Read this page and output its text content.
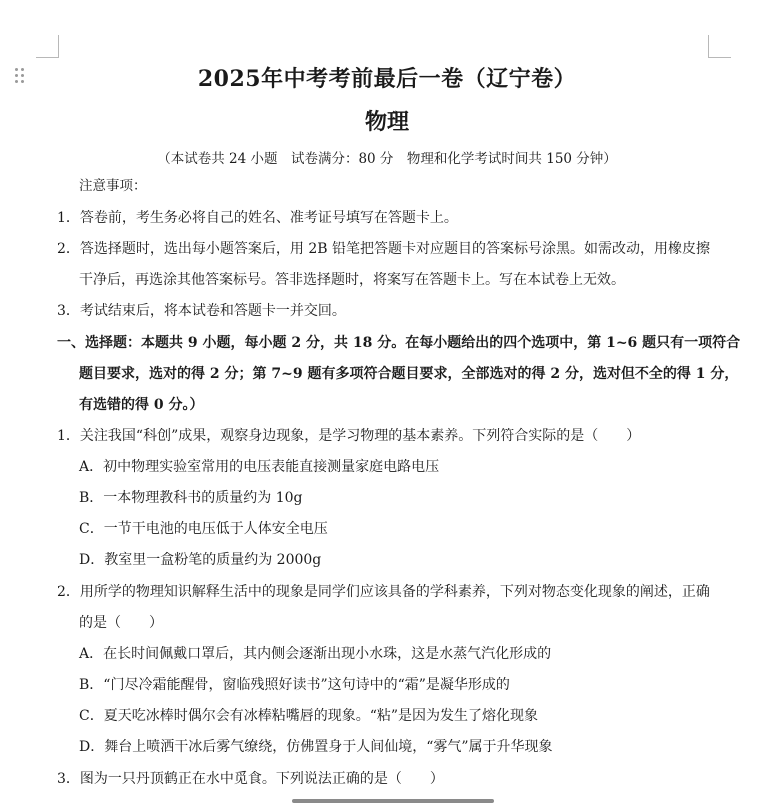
2025年中考考前最后一卷（辽宁卷）
物理
（本试卷共 24 小题　试卷满分：80 分　物理和化学考试时间共 150 分钟）
注意事项：
1．答卷前，考生务必将自己的姓名、准考证号填写在答题卡上。
2．答选择题时，选出每小题答案后，用 2B 铅笔把答题卡对应题目的答案标号涂黑。如需改动，用橡皮擦
干净后，再选涂其他答案标号。答非选择题时，将案写在答题卡上。写在本试卷上无效。
3．考试结束后，将本试卷和答题卡一并交回。
一、选择题：本题共 9 小题，每小题 2 分，共 18 分。在每小题给出的四个选项中，第 1~6 题只有一项符合
题目要求，选对的得 2 分；第 7~9 题有多项符合题目要求，全部选对的得 2 分，选对但不全的得 1 分，
有选错的得 0 分。）
1．关注我国“科创”成果，观察身边现象，是学习物理的基本素养。下列符合实际的是（　　）
A．初中物理实验室常用的电压表能直接测量家庭电路电压
B．一本物理教科书的质量约为 10g
C．一节干电池的电压低于人体安全电压
D．教室里一盒粉笔的质量约为 2000g
2．用所学的物理知识解释生活中的现象是同学们应该具备的学科素养，下列对物态变化现象的阐述，正确
的是（　　）
A．在长时间佩戴口罩后，其内侧会逐渐出现小水珠，这是水蒸气汽化形成的
B．“门尽冷霜能醒骨，窗临残照好读书”这句诗中的“霜”是凝华形成的
C．夏天吃冰棒时偶尔会有冰棒粘嘴唇的现象。“粘”是因为发生了熔化现象
D．舞台上喷洒干冰后雾气缭绕，仿佛置身于人间仙境，“雾气”属于升华现象
3．图为一只丹顶鹤正在水中觅食。下列说法正确的是（　　）
